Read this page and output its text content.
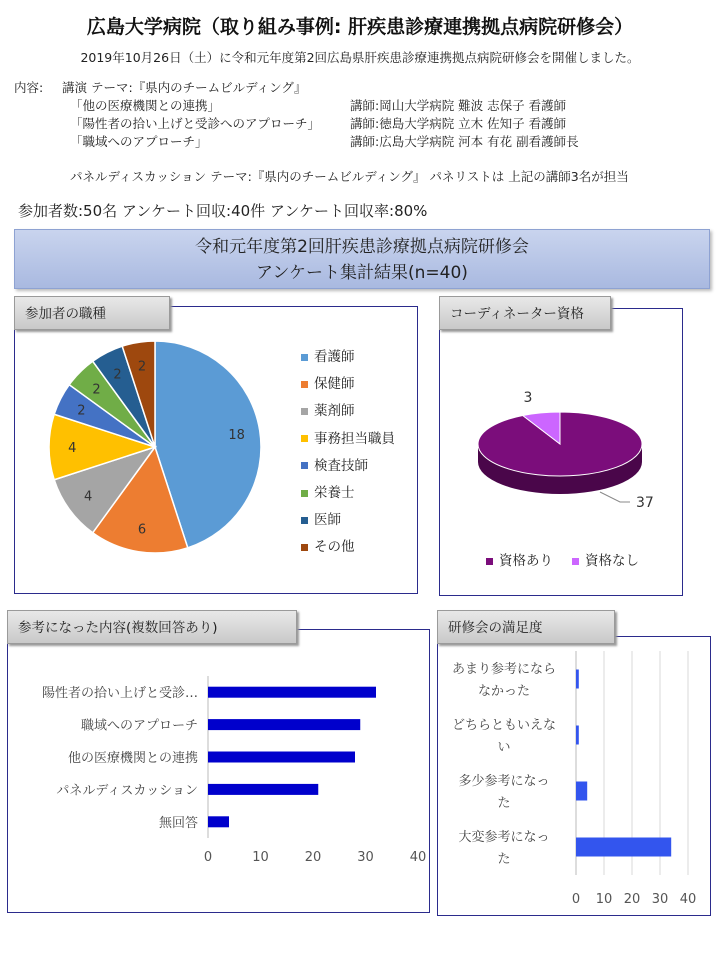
広島大学病院（取り組み事例: 肝疾患診療連携拠点病院研修会）
2019年10月26日（土）に令和元年度第2回広島県肝疾患診療連携拠点病院研修会を開催しました。
内容: 講演 テーマ:『県内のチームビルディング』
「他の医療機関との連携」	講師:岡山大学病院 難波 志保子 看護師
「陽性者の拾い上げと受診へのアプローチ」 講師:徳島大学病院 立木 佐知子 看護師
「職域へのアプローチ」	講師:広島大学病院 河本 有花 副看護師長
パネルディスカッション テーマ:『県内のチームビルディング』 パネリストは 上記の講師3名が担当
参加者数:50名 アンケート回収:40件 アンケート回収率:80%
令和元年度第2回肝疾患診療拠点病院研修会
アンケート集計結果(n=40)
18
6
4
4
2
2
2
2
看護師
保健師
薬剤師
事務担当職員
検査技師
栄養士
医師
その他
参加者の職種
37
3
資格あり	資格なし
コーディネーター資格
0	10	20	30	40
陽性者の拾い上げと受診…
職域へのアプローチ
他の医療機関との連携
パネルディスカッション
無回答
参考になった内容(複数回答あり)
0 10 20 30 40
あまり参考になら
なかった
どちらともいえな
い
多少参考になっ
た
大変参考になっ
た
研修会の満足度
